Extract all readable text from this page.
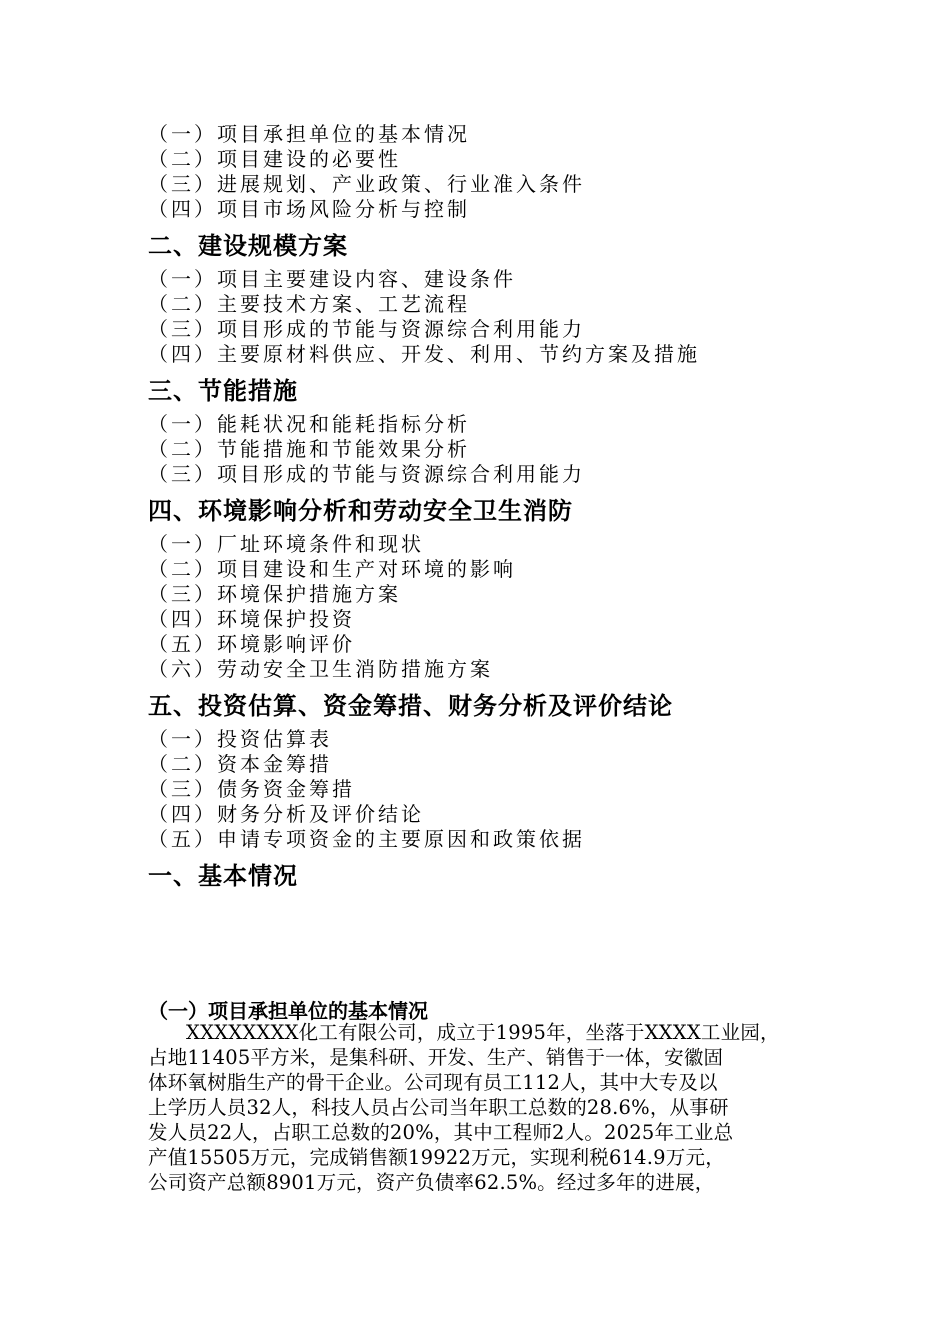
（一）项目承担单位的基本情况
（二）项目建设的必要性
（三）进展规划、产业政策、行业准入条件
（四）项目市场风险分析与控制
二、建设规模方案
（一）项目主要建设内容、建设条件
（二）主要技术方案、工艺流程
（三）项目形成的节能与资源综合利用能力
（四）主要原材料供应、开发、利用、节约方案及措施
三、节能措施
（一）能耗状况和能耗指标分析
（二）节能措施和节能效果分析
（三）项目形成的节能与资源综合利用能力
四、环境影响分析和劳动安全卫生消防
（一）厂址环境条件和现状
（二）项目建设和生产对环境的影响
（三）环境保护措施方案
（四）环境保护投资
（五）环境影响评价
（六）劳动安全卫生消防措施方案
五、投资估算、资金筹措、财务分析及评价结论
（一）投资估算表
（二）资本金筹措
（三）债务资金筹措
（四）财务分析及评价结论
（五）申请专项资金的主要原因和政策依据
一、基本情况
（一）项目承担单位的基本情况
XXXXXXXX化工有限公司，成立于1995年，坐落于XXXX工业园，
占地11405平方米，是集科研、开发、生产、销售于一体，安徽固
体环氧树脂生产的骨干企业。公司现有员工112人，其中大专及以
上学历人员32人，科技人员占公司当年职工总数的28.6%，从事研
发人员22人，占职工总数的20%，其中工程师2人。2025年工业总
产值15505万元，完成销售额19922万元，实现利税614.9万元，
公司资产总额8901万元，资产负债率62.5%。经过多年的进展，
